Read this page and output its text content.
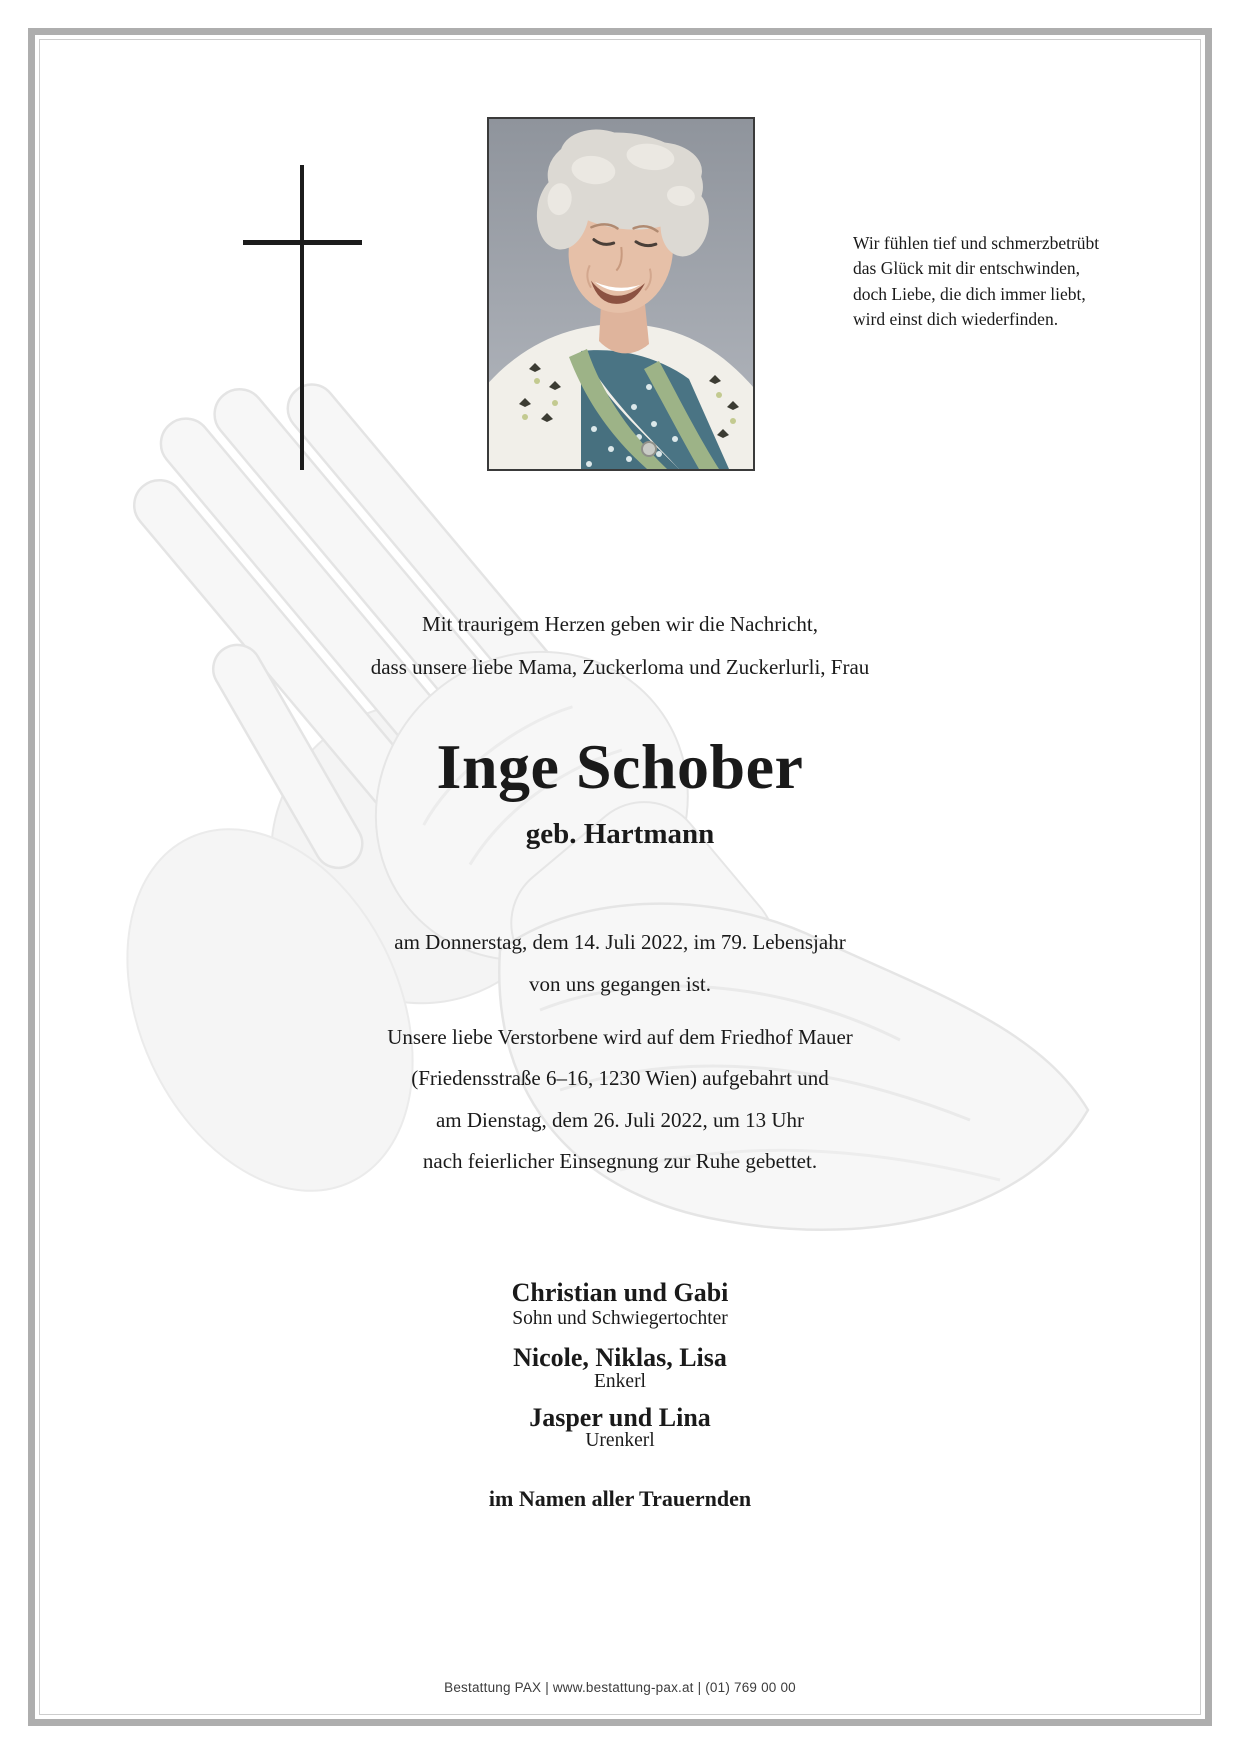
Wir fühlen tief und schmerzbetrübt
das Glück mit dir entschwinden,
doch Liebe, die dich immer liebt,
wird einst dich wiederfinden.
Mit traurigem Herzen geben wir die Nachricht,
dass unsere liebe Mama, Zuckerloma und Zuckerlurli, Frau
Inge Schober
geb. Hartmann
am Donnerstag, dem 14. Juli 2022, im 79. Lebensjahr
von uns gegangen ist.
Unsere liebe Verstorbene wird auf dem Friedhof Mauer
(Friedensstraße 6–16, 1230 Wien) aufgebahrt und
am Dienstag, dem 26. Juli 2022, um 13 Uhr
nach feierlicher Einsegnung zur Ruhe gebettet.
Christian und Gabi
Sohn und Schwiegertochter
Nicole, Niklas, Lisa
Enkerl
Jasper und Lina
Urenkerl
im Namen aller Trauernden
Bestattung PAX | www.bestattung-pax.at | (01) 769 00 00
